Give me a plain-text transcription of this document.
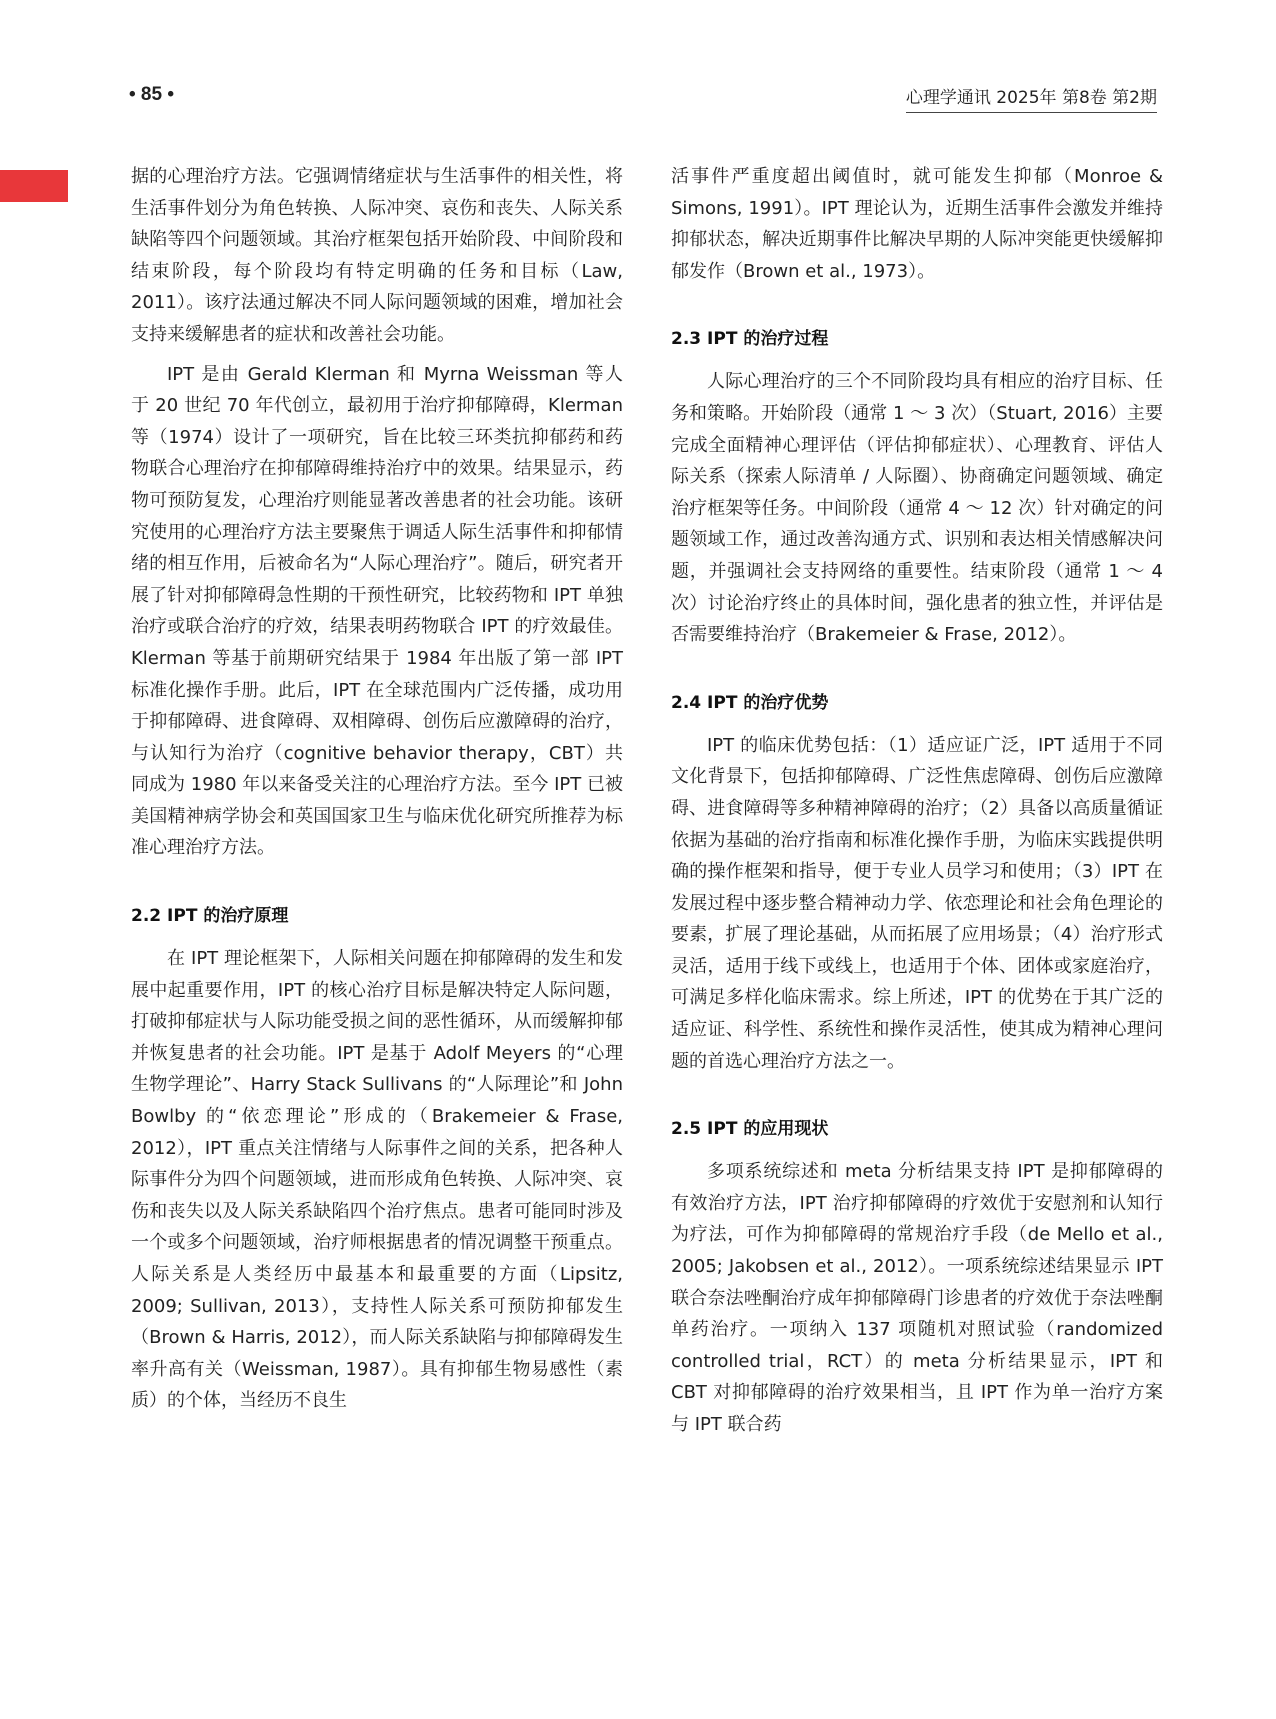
• 85 •	心理学通讯 2025年 第8卷 第2期

据的心理治疗方法。它强调情绪症状与生活事件的相关性，将生活事件划分为角色转换、人际冲突、哀伤和丧失、人际关系缺陷等四个问题领域。其治疗框架包括开始阶段、中间阶段和结束阶段，每个阶段均有特定明确的任务和目标（Law, 2011）。该疗法通过解决不同人际问题领域的困难，增加社会支持来缓解患者的症状和改善社会功能。

IPT 是由 Gerald Klerman 和 Myrna Weissman 等人于 20 世纪 70 年代创立，最初用于治疗抑郁障碍，Klerman 等（1974）设计了一项研究，旨在比较三环类抗抑郁药和药物联合心理治疗在抑郁障碍维持治疗中的效果。结果显示，药物可预防复发，心理治疗则能显著改善患者的社会功能。该研究使用的心理治疗方法主要聚焦于调适人际生活事件和抑郁情绪的相互作用，后被命名为“人际心理治疗”。随后，研究者开展了针对抑郁障碍急性期的干预性研究，比较药物和 IPT 单独治疗或联合治疗的疗效，结果表明药物联合 IPT 的疗效最佳。Klerman 等基于前期研究结果于 1984 年出版了第一部 IPT 标准化操作手册。此后，IPT 在全球范围内广泛传播，成功用于抑郁障碍、进食障碍、双相障碍、创伤后应激障碍的治疗，与认知行为治疗（cognitive behavior therapy，CBT）共同成为 1980 年以来备受关注的心理治疗方法。至今 IPT 已被美国精神病学协会和英国国家卫生与临床优化研究所推荐为标准心理治疗方法。

2.2 IPT 的治疗原理

在 IPT 理论框架下，人际相关问题在抑郁障碍的发生和发展中起重要作用，IPT 的核心治疗目标是解决特定人际问题，打破抑郁症状与人际功能受损之间的恶性循环，从而缓解抑郁并恢复患者的社会功能。IPT 是基于 Adolf Meyers 的“心理生物学理论”、Harry Stack Sullivans 的“人际理论”和 John Bowlby 的“依恋理论”形成的（Brakemeier & Frase, 2012），IPT 重点关注情绪与人际事件之间的关系，把各种人际事件分为四个问题领域，进而形成角色转换、人际冲突、哀伤和丧失以及人际关系缺陷四个治疗焦点。患者可能同时涉及一个或多个问题领域，治疗师根据患者的情况调整干预重点。人际关系是人类经历中最基本和最重要的方面（Lipsitz, 2009; Sullivan, 2013），支持性人际关系可预防抑郁发生（Brown & Harris, 2012），而人际关系缺陷与抑郁障碍发生率升高有关（Weissman, 1987）。具有抑郁生物易感性（素质）的个体，当经历不良生

活事件严重度超出阈值时，就可能发生抑郁（Monroe & Simons, 1991）。IPT 理论认为，近期生活事件会激发并维持抑郁状态，解决近期事件比解决早期的人际冲突能更快缓解抑郁发作（Brown et al., 1973）。

2.3 IPT 的治疗过程

人际心理治疗的三个不同阶段均具有相应的治疗目标、任务和策略。开始阶段（通常 1 ～ 3 次）（Stuart, 2016）主要完成全面精神心理评估（评估抑郁症状）、心理教育、评估人际关系（探索人际清单 / 人际圈）、协商确定问题领域、确定治疗框架等任务。中间阶段（通常 4 ～ 12 次）针对确定的问题领域工作，通过改善沟通方式、识别和表达相关情感解决问题，并强调社会支持网络的重要性。结束阶段（通常 1 ～ 4 次）讨论治疗终止的具体时间，强化患者的独立性，并评估是否需要维持治疗（Brakemeier & Frase, 2012）。

2.4 IPT 的治疗优势

IPT 的临床优势包括：（1）适应证广泛，IPT 适用于不同文化背景下，包括抑郁障碍、广泛性焦虑障碍、创伤后应激障碍、进食障碍等多种精神障碍的治疗；（2）具备以高质量循证依据为基础的治疗指南和标准化操作手册，为临床实践提供明确的操作框架和指导，便于专业人员学习和使用；（3）IPT 在发展过程中逐步整合精神动力学、依恋理论和社会角色理论的要素，扩展了理论基础，从而拓展了应用场景；（4）治疗形式灵活，适用于线下或线上，也适用于个体、团体或家庭治疗，可满足多样化临床需求。综上所述，IPT 的优势在于其广泛的适应证、科学性、系统性和操作灵活性，使其成为精神心理问题的首选心理治疗方法之一。

2.5 IPT 的应用现状

多项系统综述和 meta 分析结果支持 IPT 是抑郁障碍的有效治疗方法，IPT 治疗抑郁障碍的疗效优于安慰剂和认知行为疗法，可作为抑郁障碍的常规治疗手段（de Mello et al., 2005; Jakobsen et al., 2012）。一项系统综述结果显示 IPT 联合奈法唑酮治疗成年抑郁障碍门诊患者的疗效优于奈法唑酮单药治疗。一项纳入 137 项随机对照试验（randomized controlled trial，RCT）的 meta 分析结果显示，IPT 和 CBT 对抑郁障碍的治疗效果相当，且 IPT 作为单一治疗方案与 IPT 联合药
